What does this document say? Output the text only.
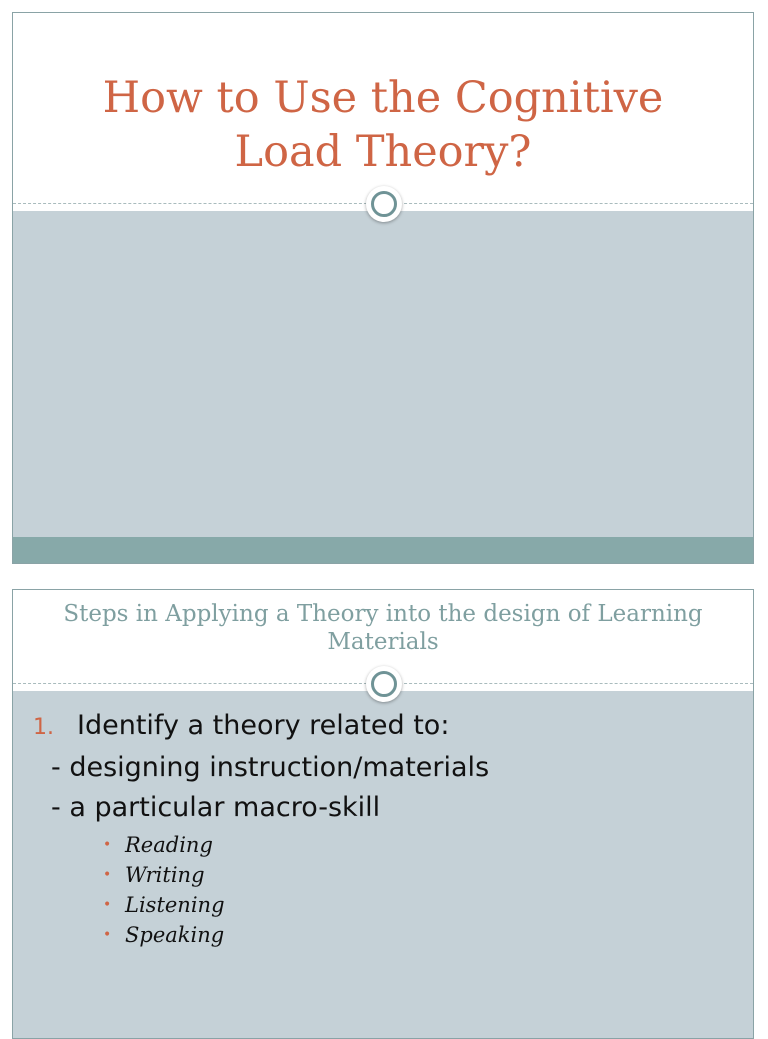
How to Use the Cognitive
Load Theory?
Steps in Applying a Theory into the design of Learning Materials
1. Identify a theory related to:
- designing instruction/materials
- a particular macro-skill
• Reading
• Writing
• Listening
• Speaking
